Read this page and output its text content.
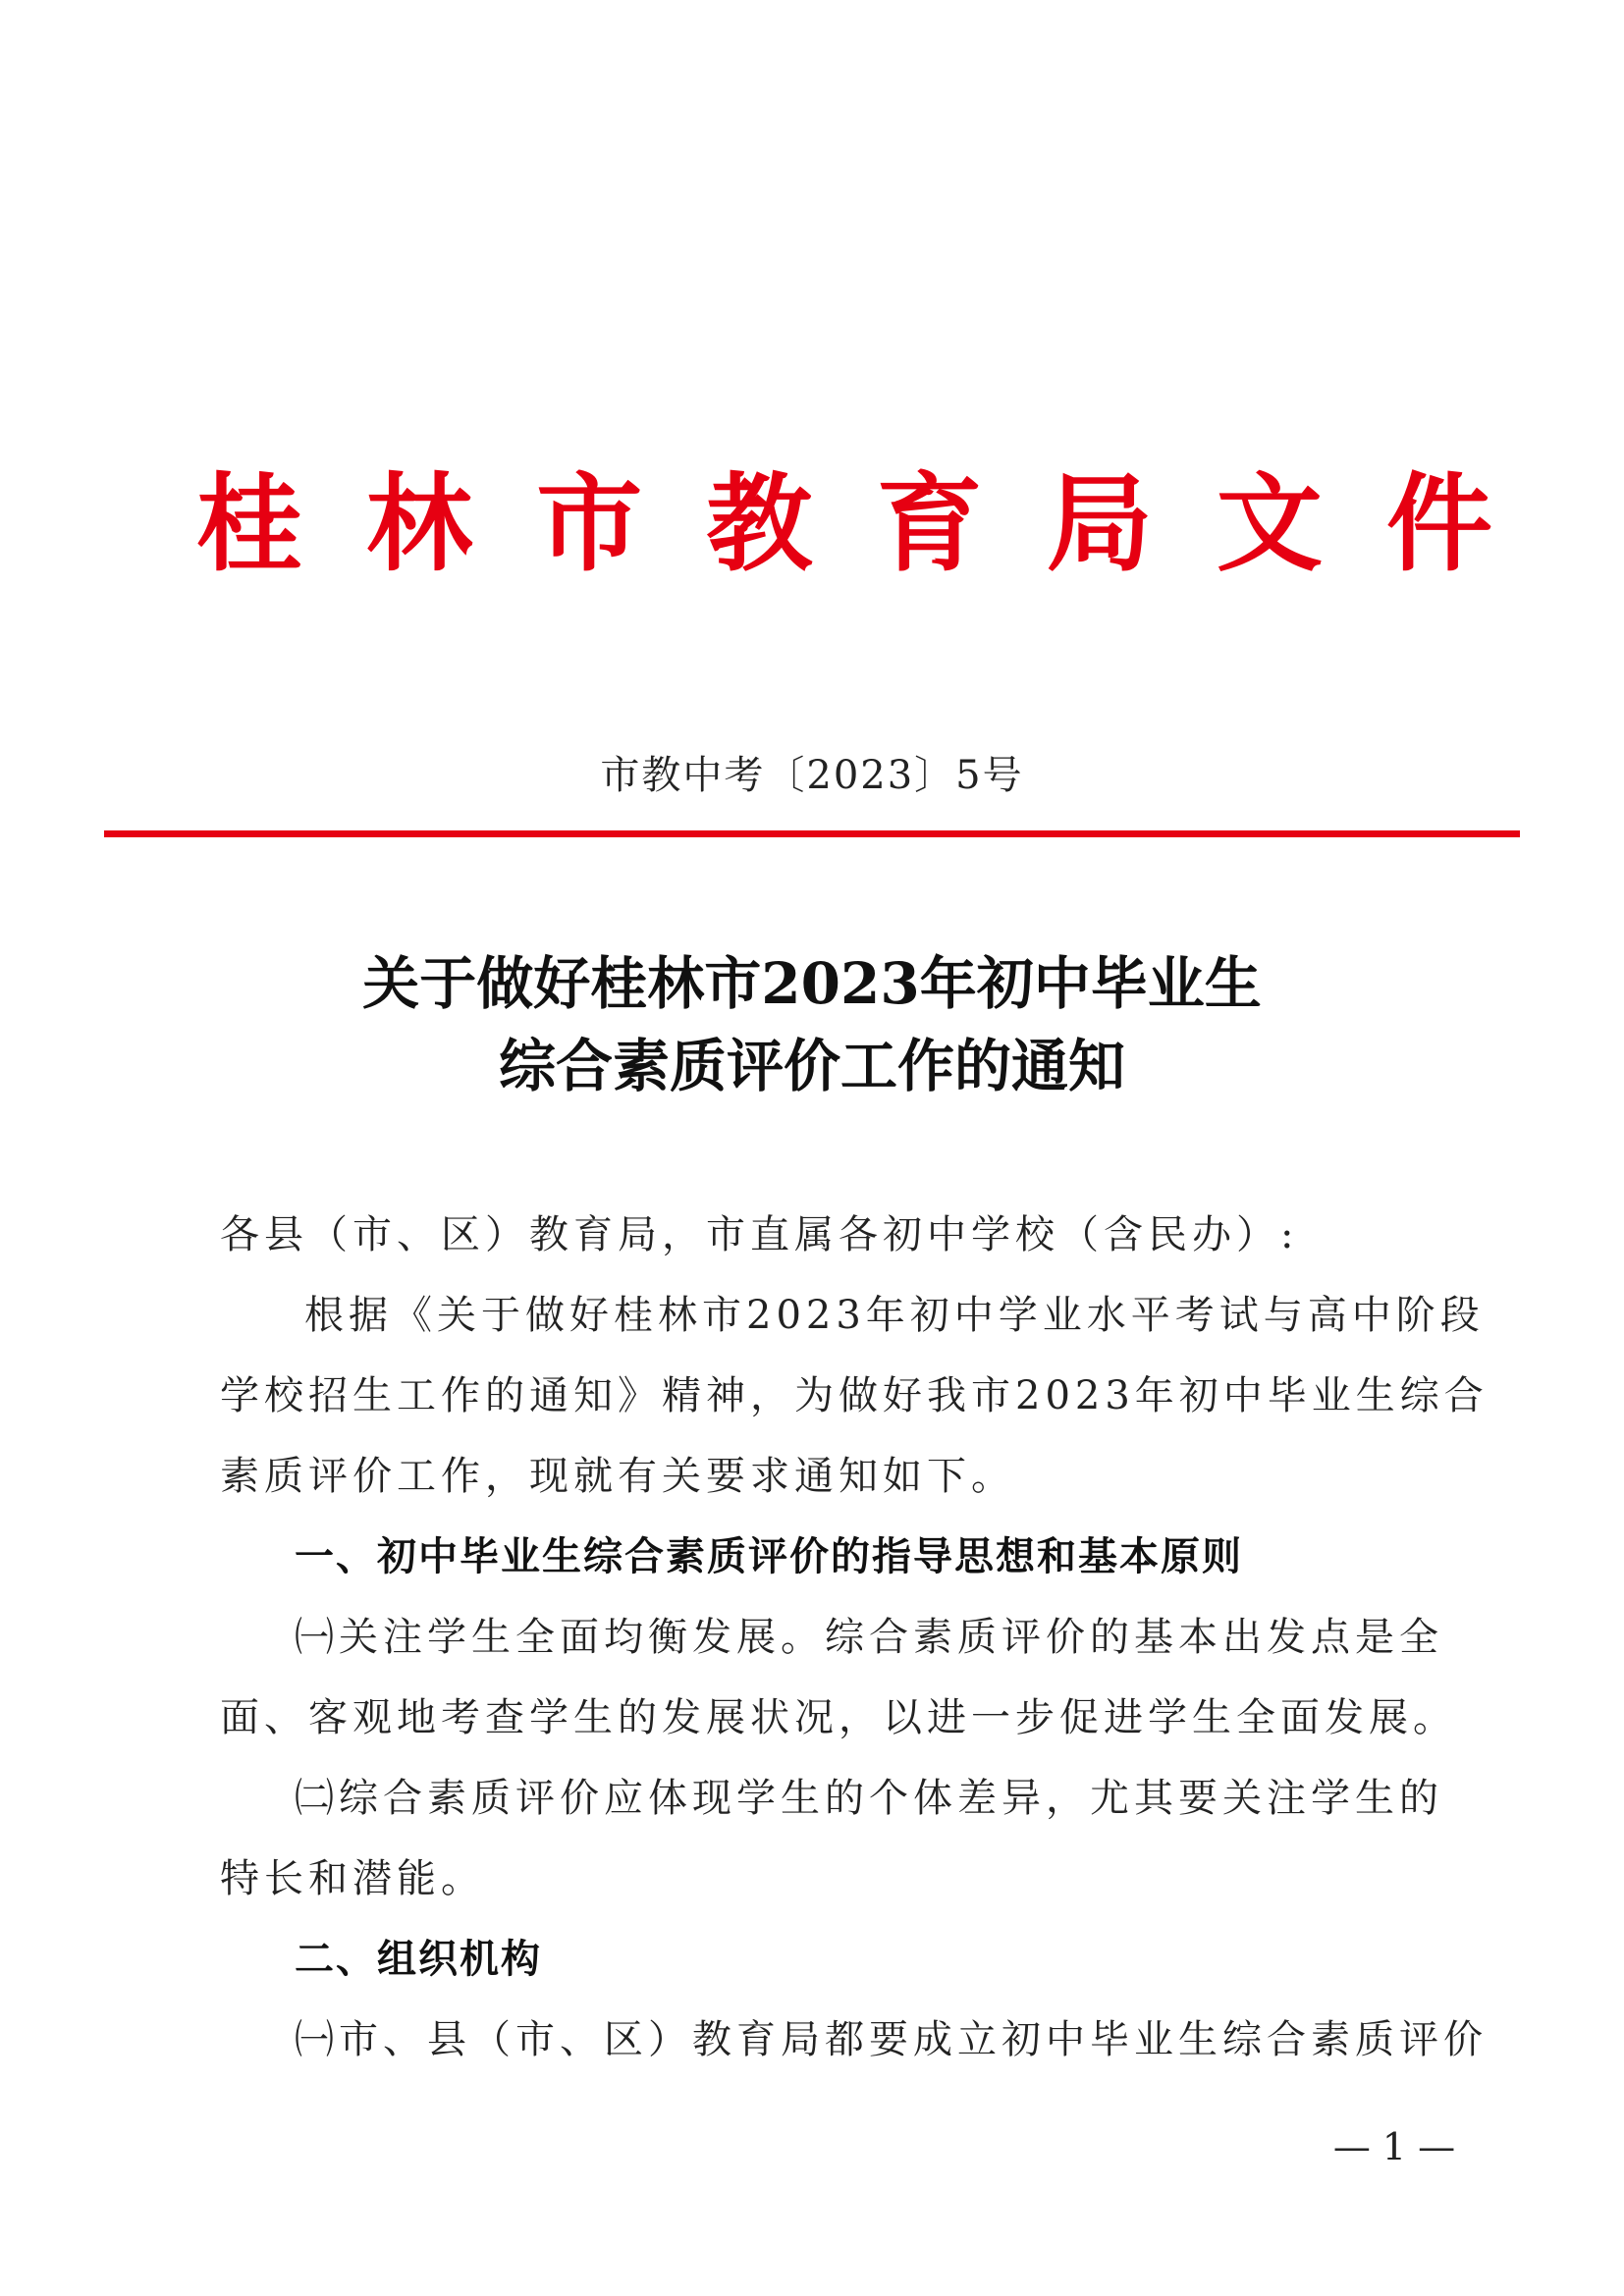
桂 林 市 教 育 局 文 件
市教中考〔2023〕5号
关于做好桂林市2023年初中毕业生
综合素质评价工作的通知
各县（市、区）教育局，市直属各初中学校（含民办）:
根据《关于做好桂林市2023年初中学业水平考试与高中阶段
学校招生工作的通知》精神，为做好我市2023年初中毕业生综合
素质评价工作，现就有关要求通知如下。
一、初中毕业生综合素质评价的指导思想和基本原则
㈠关注学生全面均衡发展。综合素质评价的基本出发点是全
面、客观地考查学生的发展状况，以进一步促进学生全面发展。
㈡综合素质评价应体现学生的个体差异，尤其要关注学生的
特长和潜能。
二、组织机构
㈠市、县（市、区）教育局都要成立初中毕业生综合素质评价
— 1 —
